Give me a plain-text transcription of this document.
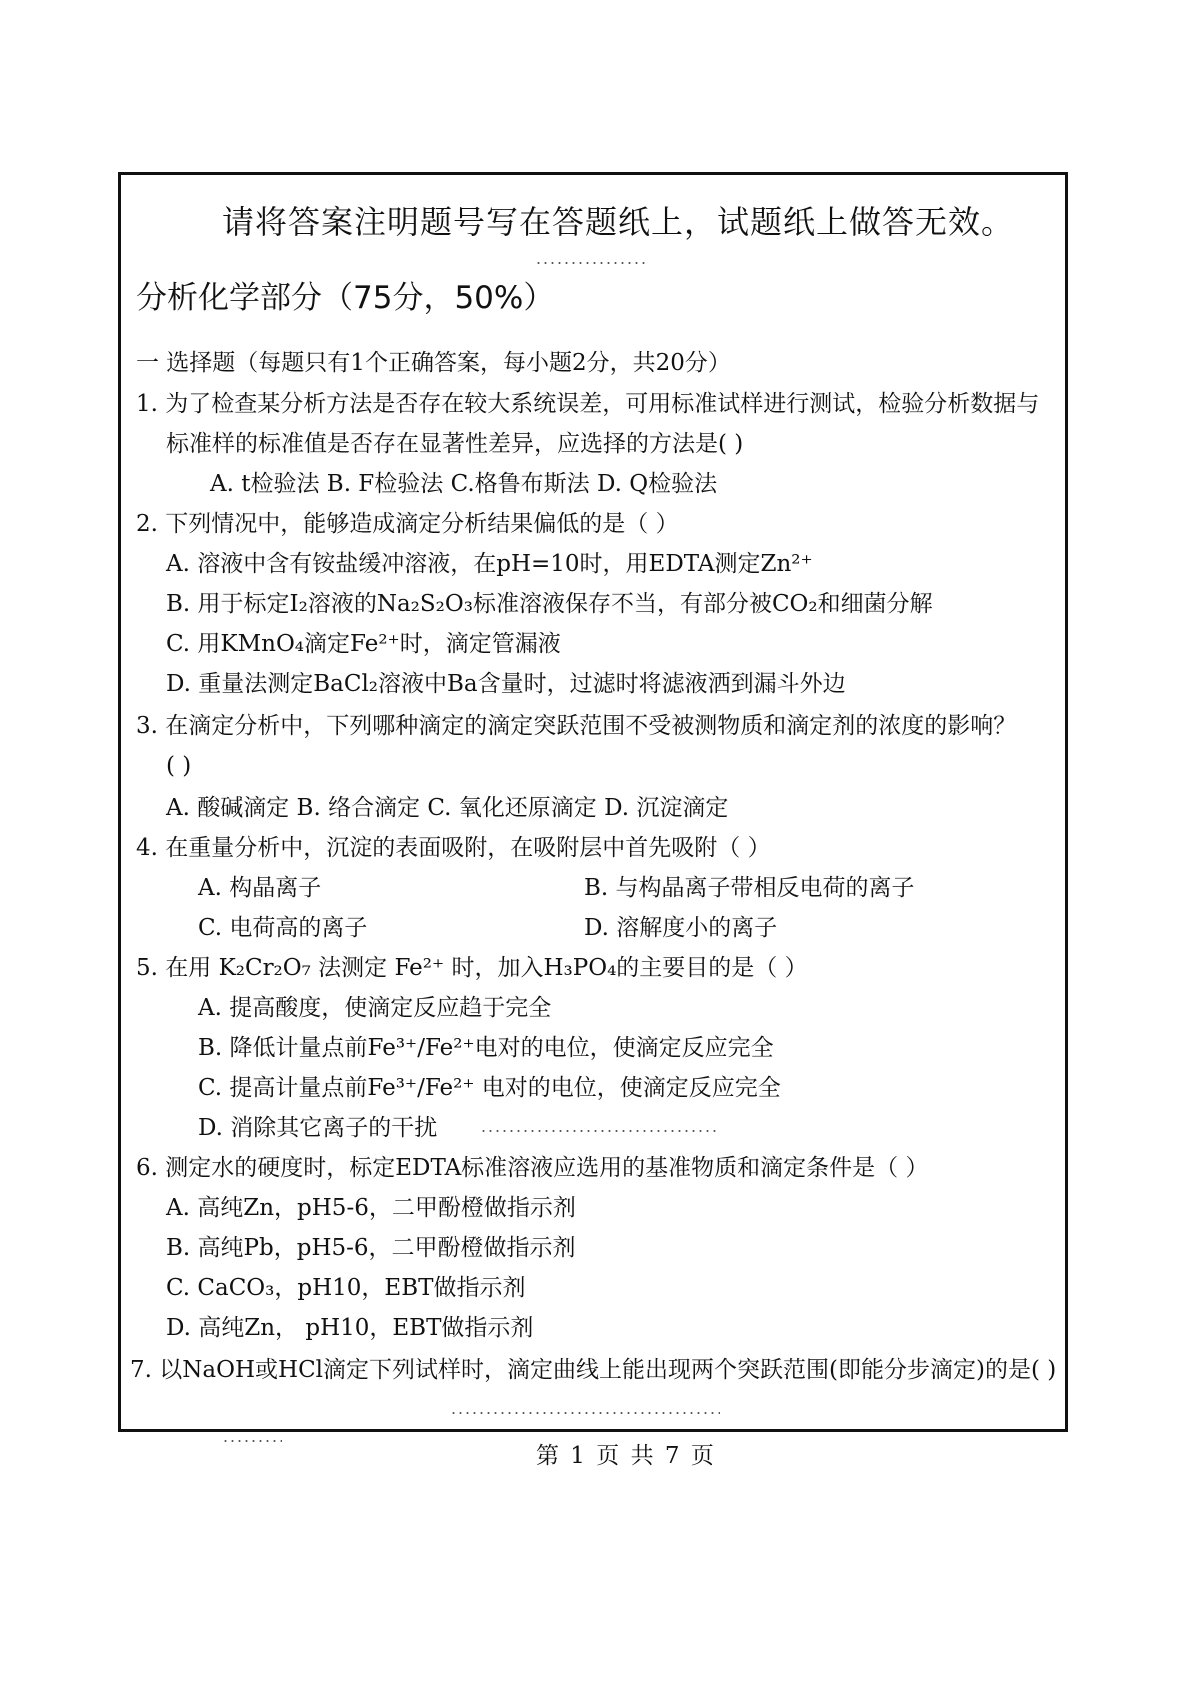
请将答案注明题号写在答题纸上，试题纸上做答无效。
分析化学部分（75分，50%）
一 选择题（每题只有1个正确答案，每小题2分，共20分）
1. 为了检查某分析方法是否存在较大系统误差，可用标准试样进行测试，检验分析数据与
标准样的标准值是否存在显著性差异，应选择的方法是( )
A. t检验法 B. F检验法 C.格鲁布斯法 D. Q检验法
2. 下列情况中，能够造成滴定分析结果偏低的是（ ）
A. 溶液中含有铵盐缓冲溶液，在pH=10时，用EDTA测定Zn²⁺
B. 用于标定I₂溶液的Na₂S₂O₃标准溶液保存不当，有部分被CO₂和细菌分解
C. 用KMnO₄滴定Fe²⁺时，滴定管漏液
D. 重量法测定BaCl₂溶液中Ba含量时，过滤时将滤液洒到漏斗外边
3. 在滴定分析中，下列哪种滴定的滴定突跃范围不受被测物质和滴定剂的浓度的影响？
( )
A. 酸碱滴定 B. 络合滴定 C. 氧化还原滴定 D. 沉淀滴定
4. 在重量分析中，沉淀的表面吸附，在吸附层中首先吸附（ ）
A. 构晶离子	B. 与构晶离子带相反电荷的离子
C. 电荷高的离子	D. 溶解度小的离子
5. 在用 K₂Cr₂O₇ 法测定 Fe²⁺ 时，加入H₃PO₄的主要目的是（ ）
A. 提高酸度，使滴定反应趋于完全
B. 降低计量点前Fe³⁺/Fe²⁺电对的电位，使滴定反应完全
C. 提高计量点前Fe³⁺/Fe²⁺ 电对的电位，使滴定反应完全
D. 消除其它离子的干扰
6. 测定水的硬度时，标定EDTA标准溶液应选用的基准物质和滴定条件是（ ）
A. 高纯Zn，pH5-6，二甲酚橙做指示剂
B. 高纯Pb，pH5-6，二甲酚橙做指示剂
C. CaCO₃，pH10，EBT做指示剂
D. 高纯Zn， pH10，EBT做指示剂
7. 以NaOH或HCl滴定下列试样时，滴定曲线上能出现两个突跃范围(即能分步滴定)的是( )
第 1 页 共 7 页
